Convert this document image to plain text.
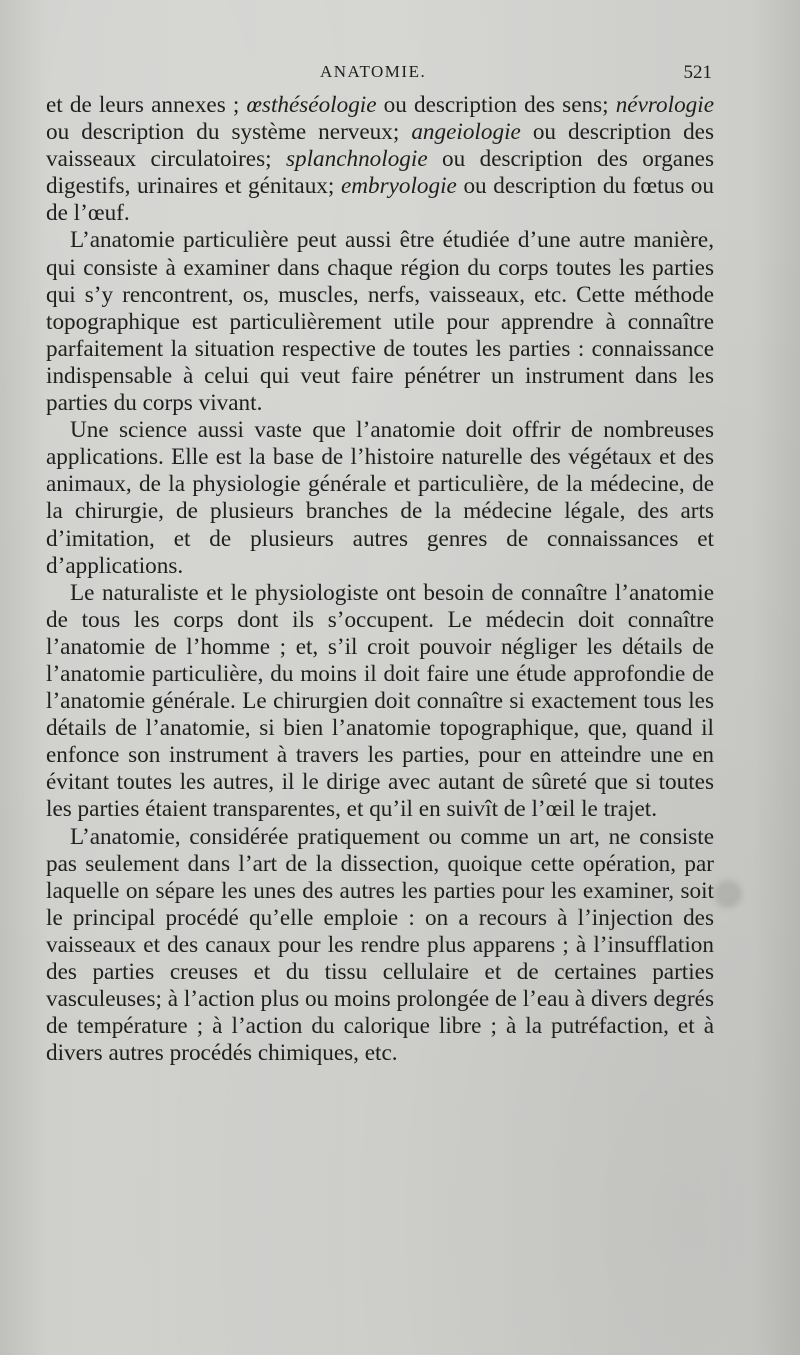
ANATOMIE.	521

et de leurs annexes ; œsthéséologie ou description des sens; névrologie ou description du système nerveux; angeiologie ou description des vaisseaux circulatoires; splanchnologie ou description des organes digestifs, urinaires et génitaux; embryologie ou description du fœtus ou de l’œuf.

L’anatomie particulière peut aussi être étudiée d’une autre manière, qui consiste à examiner dans chaque région du corps toutes les parties qui s’y rencontrent, os, muscles, nerfs, vaisseaux, etc. Cette méthode topographique est particulièrement utile pour apprendre à connaître parfaitement la situation respective de toutes les parties : connaissance indispensable à celui qui veut faire pénétrer un instrument dans les parties du corps vivant.

Une science aussi vaste que l’anatomie doit offrir de nombreuses applications. Elle est la base de l’histoire naturelle des végétaux et des animaux, de la physiologie générale et particulière, de la médecine, de la chirurgie, de plusieurs branches de la médecine légale, des arts d’imitation, et de plusieurs autres genres de connaissances et d’applications.

Le naturaliste et le physiologiste ont besoin de connaître l’anatomie de tous les corps dont ils s’occupent. Le médecin doit connaître l’anatomie de l’homme ; et, s’il croit pouvoir négliger les détails de l’anatomie particulière, du moins il doit faire une étude approfondie de l’anatomie générale. Le chirurgien doit connaître si exactement tous les détails de l’anatomie, si bien l’anatomie topographique, que, quand il enfonce son instrument à travers les parties, pour en atteindre une en évitant toutes les autres, il le dirige avec autant de sûreté que si toutes les parties étaient transparentes, et qu’il en suivît de l’œil le trajet.

L’anatomie, considérée pratiquement ou comme un art, ne consiste pas seulement dans l’art de la dissection, quoique cette opération, par laquelle on sépare les unes des autres les parties pour les examiner, soit le principal procédé qu’elle emploie : on a recours à l’injection des vaisseaux et des canaux pour les rendre plus apparens ; à l’insufflation des parties creuses et du tissu cellulaire et de certaines parties vasculeuses; à l’action plus ou moins prolongée de l’eau à divers degrés de température ; à l’action du calorique libre ; à la putréfaction, et à divers autres procédés chimiques, etc.
